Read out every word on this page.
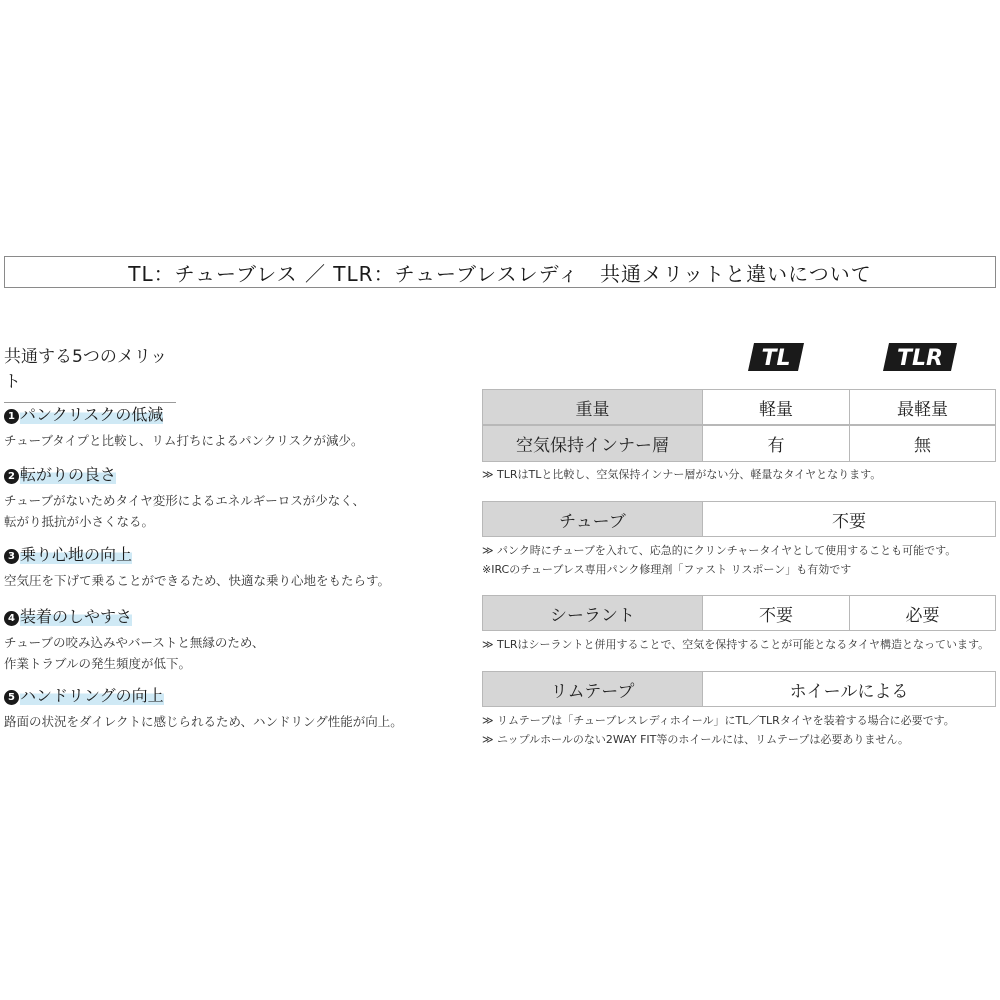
TL：チューブレス ／ TLR：チューブレスレディ　共通メリットと違いについて
共通する5つのメリット
1 パンクリスクの低減
チューブタイプと比較し、リム打ちによるパンクリスクが減少。
2 転がりの良さ
チューブがないためタイヤ変形によるエネルギーロスが少なく、
転がり抵抗が小さくなる。
3 乗り心地の向上
空気圧を下げて乗ることができるため、快適な乗り心地をもたらす。
4 装着のしやすさ
チューブの咬み込みやバーストと無縁のため、
作業トラブルの発生頻度が低下。
5 ハンドリングの向上
路面の状況をダイレクトに感じられるため、ハンドリング性能が向上。
TL	TLR
重量	軽量	最軽量
空気保持インナー層	有	無
≫ TLRはTLと比較し、空気保持インナー層がない分、軽量なタイヤとなります。
チューブ	不要
≫ パンク時にチューブを入れて、応急的にクリンチャータイヤとして使用することも可能です。
※IRCのチューブレス専用パンク修理剤「ファスト リスポーン」も有効です
シーラント	不要	必要
≫ TLRはシーラントと併用することで、空気を保持することが可能となるタイヤ構造となっています。
リムテープ	ホイールによる
≫ リムテープは「チューブレスレディホイール」にTL／TLRタイヤを装着する場合に必要です。
≫ ニップルホールのない2WAY FIT等のホイールには、リムテープは必要ありません。
